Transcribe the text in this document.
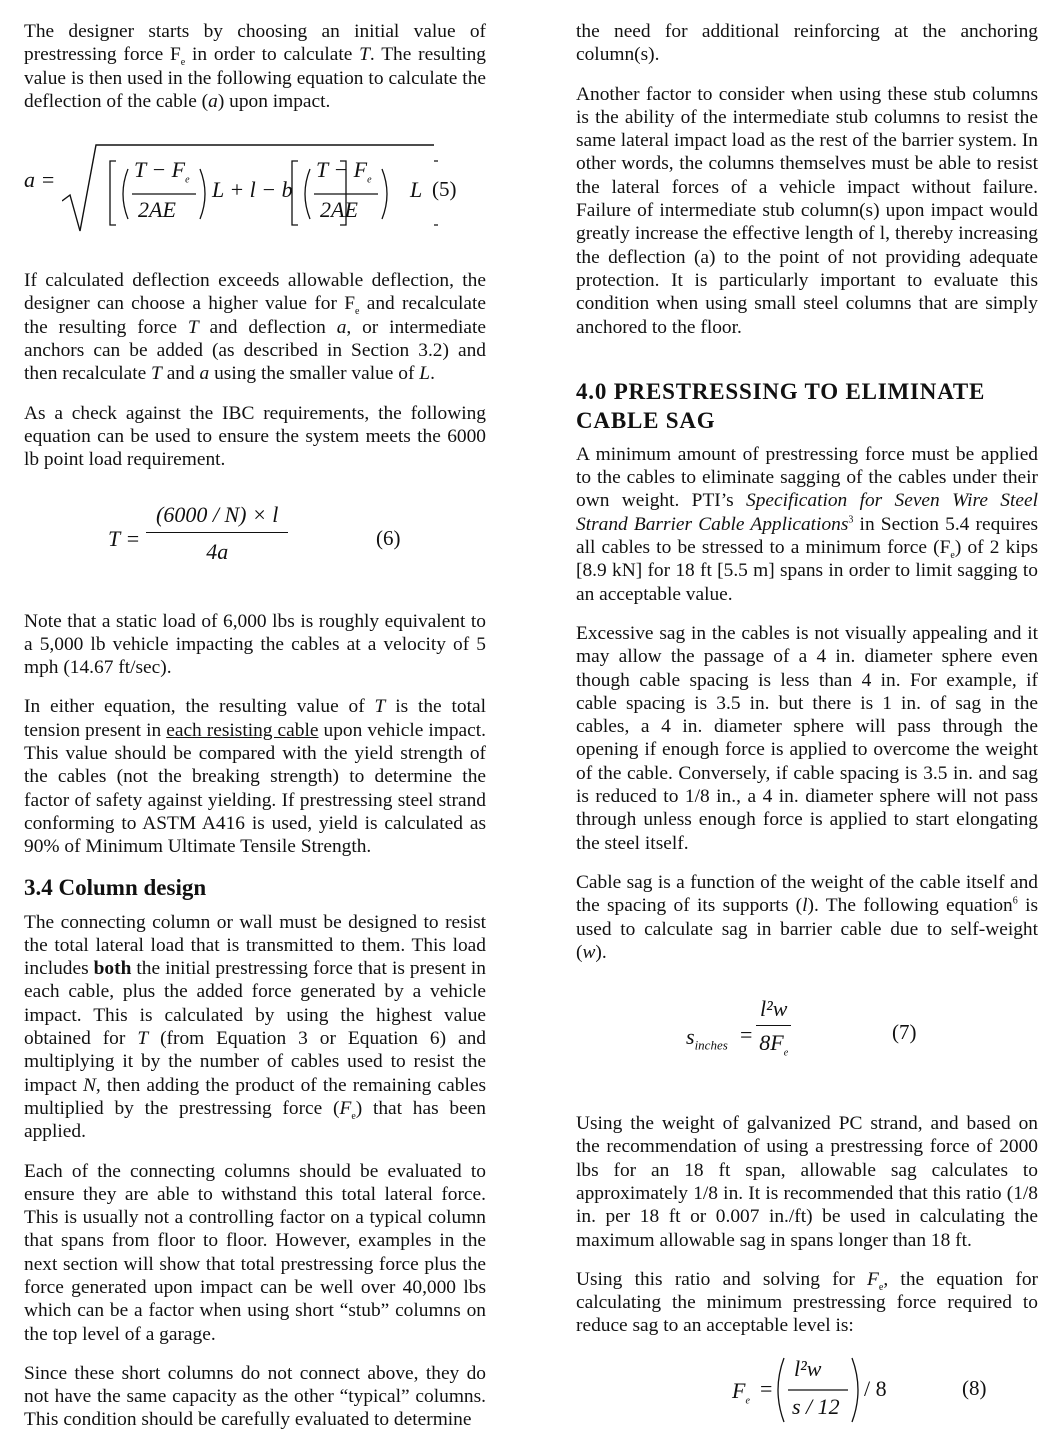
The designer starts by choosing an initial value of prestressing force $F_e$ in order to calculate T. The resulting value is then used in the following equation to calculate the deflection of the cable (a) upon impact.

a =	$T - F_e$
2AE
L + l − b
$T - F_e$
2AE
L (5)

If calculated deflection exceeds allowable deflection, the designer can choose a higher value for $F_e$ and recalculate the resulting force T and deflection a, or intermediate anchors can be added (as described in Section 3.2) and then recalculate T and a using the smaller value of L.

As a check against the IBC requirements, the following equation can be used to ensure the system meets the 6000 lb point load requirement.

$T = \frac{(6000 / N) \times l}{4a}$	(6)

Note that a static load of 6,000 lbs is roughly equivalent to a 5,000 lb vehicle impacting the cables at a velocity of 5 mph (14.67 ft/sec).

In either equation, the resulting value of T is the total tension present in each resisting cable upon vehicle impact. This value should be compared with the yield strength of the cables (not the breaking strength) to determine the factor of safety against yielding. If prestressing steel strand conforming to ASTM A416 is used, yield is calculated as 90% of Minimum Ultimate Tensile Strength.

3.4 Column design

The connecting column or wall must be designed to resist the total lateral load that is transmitted to them. This load includes both the initial prestressing force that is present in each cable, plus the added force generated by a vehicle impact. This is calculated by using the highest value obtained for T (from Equation 3 or Equation 6) and multiplying it by the number of cables used to resist the impact N, then adding the product of the remaining cables multiplied by the prestressing force $(F_e)$ that has been applied.

Each of the connecting columns should be evaluated to ensure they are able to withstand this total lateral force. This is usually not a controlling factor on a typical column that spans from floor to floor. However, examples in the next section will show that total prestressing force plus the force generated upon impact can be well over 40,000 lbs which can be a factor when using short “stub” columns on the top level of a garage.

Since these short columns do not connect above, they do not have the same capacity as the other “typical” columns. This condition should be carefully evaluated to determine

the need for additional reinforcing at the anchoring column(s).

Another factor to consider when using these stub columns is the ability of the intermediate stub columns to resist the same lateral impact load as the rest of the barrier system. In other words, the columns themselves must be able to resist the lateral forces of a vehicle impact without failure. Failure of intermediate stub column(s) upon impact would greatly increase the effective length of l, thereby increasing the deflection (a) to the point of not providing adequate protection. It is particularly important to evaluate this condition when using small steel columns that are simply anchored to the floor.

4.0 PRESTRESSING TO ELIMINATE CABLE SAG

A minimum amount of prestressing force must be applied to the cables to eliminate sagging of the cables under their own weight. PTI’s Specification for Seven Wire Steel Strand Barrier Cable Applications$^3$ in Section 5.4 requires all cables to be stressed to a minimum force $(F_e)$ of 2 kips [8.9 kN] for 18 ft [5.5 m] spans in order to limit sagging to an acceptable value.

Excessive sag in the cables is not visually appealing and it may allow the passage of a 4 in. diameter sphere even though cable spacing is less than 4 in. For example, if cable spacing is 3.5 in. but there is 1 in. of sag in the cables, a 4 in. diameter sphere will pass through the opening if enough force is applied to overcome the weight of the cable. Conversely, if cable spacing is 3.5 in. and sag is reduced to 1/8 in., a 4 in. diameter sphere will not pass through unless enough force is applied to start elongating the steel itself.

Cable sag is a function of the weight of the cable itself and the spacing of its supports (l). The following equation$^6$ is used to calculate sag in barrier cable due to self-weight (w).

$s_{inches} = \frac{\text{l²w}}{8F_e}$	(7)

Using the weight of galvanized PC strand, and based on the recommendation of using a prestressing force of 2000 lbs for an 18 ft span, allowable sag calculates to approximately 1/8 in. It is recommended that this ratio (1/8 in. per 18 ft or 0.007 in./ft) be used in calculating the maximum allowable sag in spans longer than 18 ft.

Using this ratio and solving for $F_e$, the equation for calculating the minimum prestressing force required to reduce sag to an acceptable level is:

$F_e$ =
l²w
s / 12
/ 8	(8)
